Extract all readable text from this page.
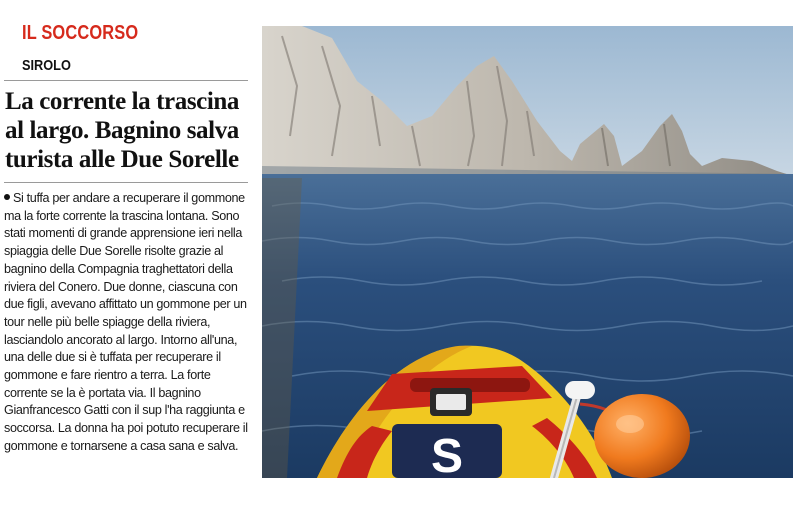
IL SOCCORSO
SIROLO
La corrente la trascina al largo. Bagnino salva turista alle Due Sorelle

Si tuffa per andare a recuperare il gommone ma la forte corrente la trascina lontana. Sono stati momenti di grande apprensione ieri nella spiaggia delle Due Sorelle risolte grazie al bagnino della Compagnia traghettatori della riviera del Conero. Due donne, ciascuna con due figli, avevano affittato un gommone per un tour nelle più belle spiagge della riviera, lasciandolo ancorato al largo. Intorno all'una, una delle due si è tuffata per recuperare il gommone e fare rientro a terra. La forte corrente se la è portata via. Il bagnino Gianfrancesco Gatti con il sup l'ha raggiunta e soccorsa. La donna ha poi potuto recuperare il gommone e tornarsene a casa sana e salva.	S
